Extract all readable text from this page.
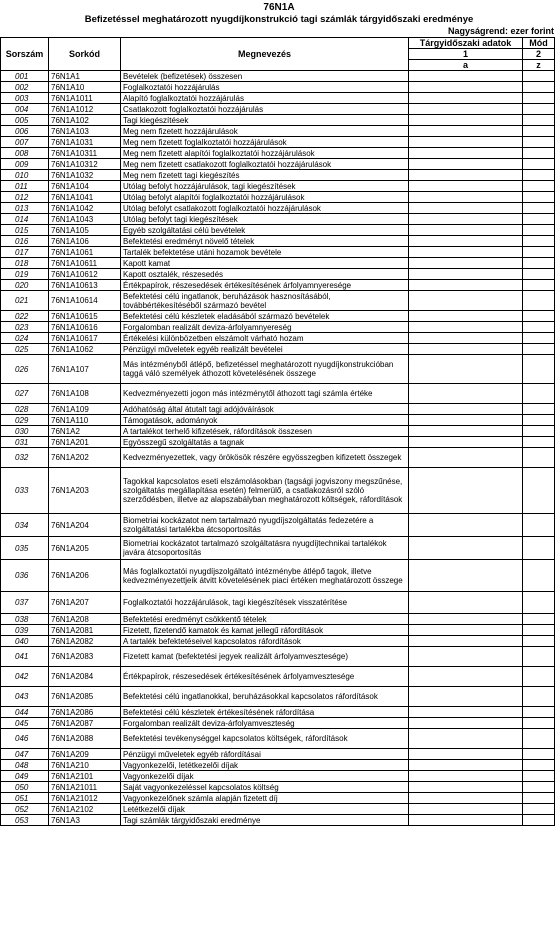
76N1A
Befizetéssel meghatározott nyugdíjkonstrukció tagi számlák tárgyidőszaki eredménye
Nagyságrend: ezer forint
Sorszám	Sorkód	Megnevezés	Tárgyidőszaki adatok	Mód
			1	2
			a	z
001	76N1A1	Bevételek (befizetések) összesen		
002	76N1A10	Foglalkoztatói hozzájárulás		
003	76N1A1011	Alapító foglalkoztatói hozzájárulás		
004	76N1A1012	Csatlakozott foglalkoztatói hozzájárulás		
005	76N1A102	Tagi kiegészítések		
006	76N1A103	Meg nem fizetett hozzájárulások		
007	76N1A1031	Meg nem fizetett foglalkoztatói hozzájárulások		
008	76N1A10311	Meg nem fizetett alapítói foglalkoztatói hozzájárulások		
009	76N1A10312	Meg nem fizetett csatlakozott foglalkoztatói hozzájárulások		
010	76N1A1032	Meg nem fizetett tagi kiegészítés		
011	76N1A104	Utólag befolyt hozzájárulások, tagi kiegészítések		
012	76N1A1041	Utólag befolyt alapítói foglalkoztatói hozzájárulások		
013	76N1A1042	Utólag befolyt csatlakozott foglalkoztatói hozzájárulások		
014	76N1A1043	Utólag befolyt tagi kiegészítések		
015	76N1A105	Egyéb szolgáltatási célú bevételek		
016	76N1A106	Befektetési eredményt növelő tételek		
017	76N1A1061	Tartalék befektetése utáni hozamok bevétele		
018	76N1A10611	Kapott kamat		
019	76N1A10612	Kapott osztalék, részesedés		
020	76N1A10613	Értékpapírok, részesedések értékesítésének árfolyamnyeresége		
021	76N1A10614	Befektetési célú ingatlanok, beruházások hasznosításából, továbbértékesítéséből származó bevétel		
022	76N1A10615	Befektetési célú készletek eladásából származó bevételek		
023	76N1A10616	Forgalomban realizált deviza-árfolyamnyereség		
024	76N1A10617	Értékelési különbözetben elszámolt várható hozam		
025	76N1A1062	Pénzügyi műveletek egyéb realizált bevételei		
026	76N1A107	Más intézményből átlépő, befizetéssel meghatározott nyugdíjkonstrukcióban taggá váló személyek áthozott követelésének összege		
027	76N1A108	Kedvezményezetti jogon más intézménytől áthozott tagi számla értéke		
028	76N1A109	Adóhatóság által átutalt tagi adójóváírások		
029	76N1A110	Támogatások, adományok		
030	76N1A2	A tartalékot terhelő kifizetések, ráfordítások összesen		
031	76N1A201	Egyösszegű szolgáltatás a tagnak		
032	76N1A202	Kedvezményezettek, vagy örökösök részére egyösszegben kifizetett összegek		
033	76N1A203	Tagokkal kapcsolatos eseti elszámolásokban (tagsági jogviszony megszűnése, szolgáltatás megállapítása esetén) felmerülő, a csatlakozásról szóló szerződésben, illetve az alapszabályban meghatározott költségek, ráfordítások		
034	76N1A204	Biometriai kockázatot nem tartalmazó nyugdíjszolgáltatás fedezetére a szolgáltatási tartalékba átcsoportosítás		
035	76N1A205	Biometriai kockázatot tartalmazó szolgáltatásra nyugdíjtechnikai tartalékok javára átcsoportosítás		
036	76N1A206	Más foglalkoztatói nyugdíjszolgáltató intézménybe átlépő tagok, illetve kedvezményezettjeik átvitt követelésének piaci értéken meghatározott összege		
037	76N1A207	Foglalkoztatói hozzájárulások, tagi kiegészítések visszatérítése		
038	76N1A208	Befektetési eredményt csökkentő tételek		
039	76N1A2081	Fizetett, fizetendő kamatok és kamat jellegű ráfordítások		
040	76N1A2082	A tartalék befektetéseivel kapcsolatos ráfordítások		
041	76N1A2083	Fizetett kamat (befektetési jegyek realizált árfolyamvesztesége)		
042	76N1A2084	Értékpapírok, részesedések értékesítésének árfolyamvesztesége		
043	76N1A2085	Befektetési célú ingatlanokkal, beruházásokkal kapcsolatos ráfordítások		
044	76N1A2086	Befektetési célú készletek értékesítésének ráfordítása		
045	76N1A2087	Forgalomban realizált deviza-árfolyamveszteség		
046	76N1A2088	Befektetési tevékenységgel kapcsolatos költségek, ráfordítások		
047	76N1A209	Pénzügyi műveletek egyéb ráfordításai		
048	76N1A210	Vagyonkezelői, letétkezelői díjak		
049	76N1A2101	Vagyonkezelői díjak		
050	76N1A21011	Saját vagyonkezeléssel kapcsolatos költség		
051	76N1A21012	Vagyonkezelőnek számla alapján fizetett díj		
052	76N1A2102	Letétkezelői díjak		
053	76N1A3	Tagi számlák tárgyidőszaki eredménye		
